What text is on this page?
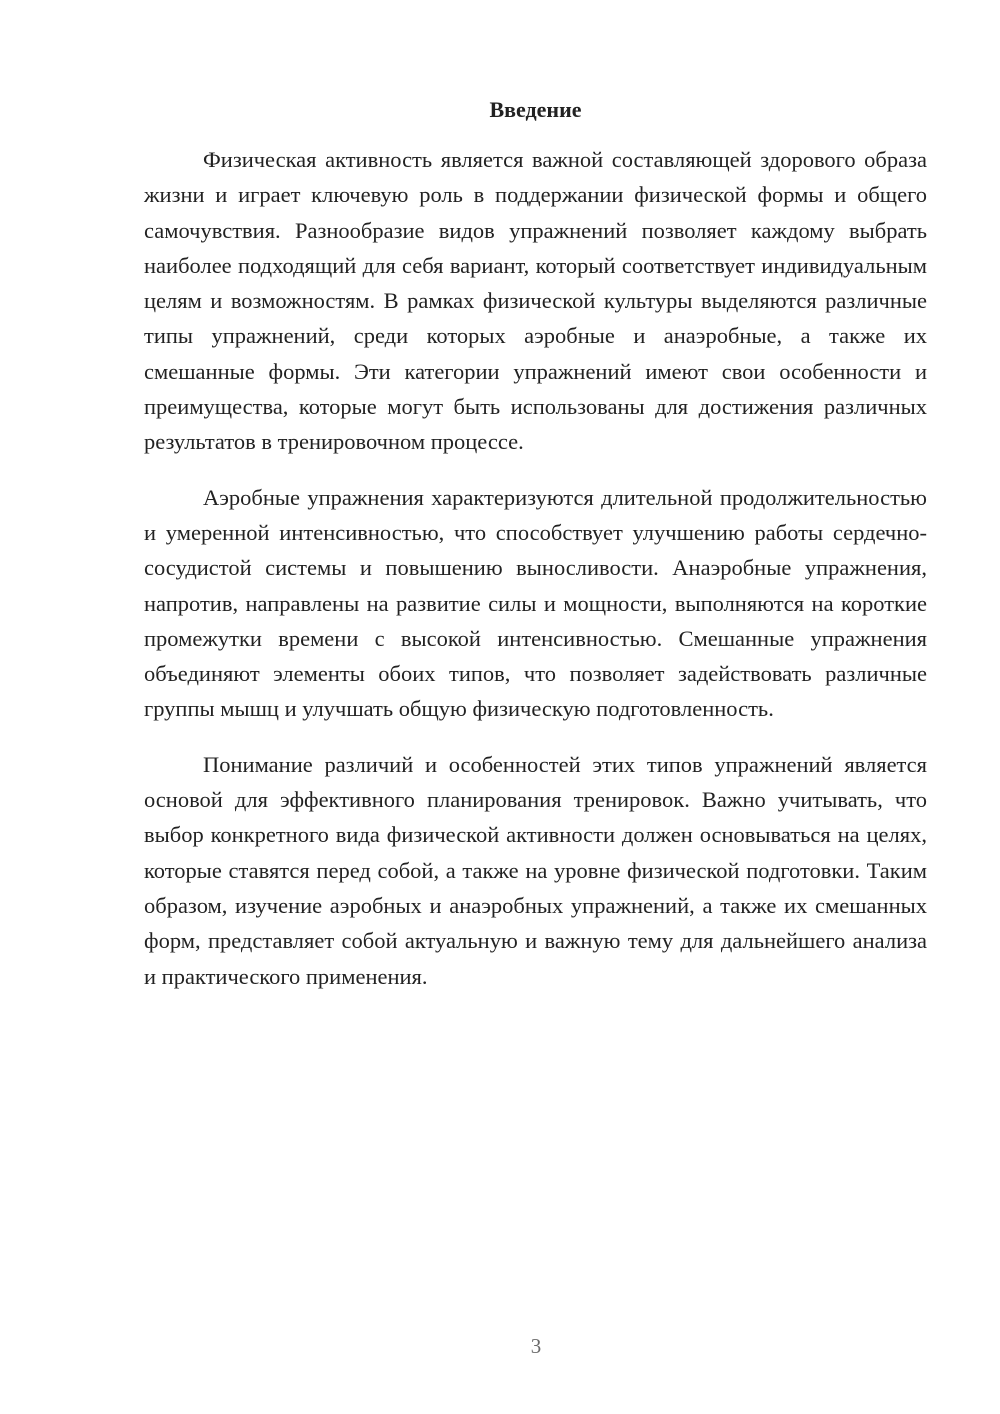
Введение

Физическая активность является важной составляющей здорового образа жизни и играет ключевую роль в поддержании физической формы и общего самочувствия. Разнообразие видов упражнений позволяет каждому выбрать наиболее подходящий для себя вариант, который соответствует индивидуальным целям и возможностям. В рамках физической культуры выделяются различные типы упражнений, среди которых аэробные и анаэробные, а также их смешанные формы. Эти категории упражнений имеют свои особенности и преимущества, которые могут быть использованы для достижения различных результатов в тренировочном процессе.

Аэробные упражнения характеризуются длительной продолжительностью и умеренной интенсивностью, что способствует улучшению работы сердечно-сосудистой системы и повышению выносливости. Анаэробные упражнения, напротив, направлены на развитие силы и мощности, выполняются на короткие промежутки времени с высокой интенсивностью. Смешанные упражнения объединяют элементы обоих типов, что позволяет задействовать различные группы мышц и улучшать общую физическую подготовленность.

Понимание различий и особенностей этих типов упражнений является основой для эффективного планирования тренировок. Важно учитывать, что выбор конкретного вида физической активности должен основываться на целях, которые ставятся перед собой, а также на уровне физической подготовки. Таким образом, изучение аэробных и анаэробных упражнений, а также их смешанных форм, представляет собой актуальную и важную тему для дальнейшего анализа и практического применения.

3
